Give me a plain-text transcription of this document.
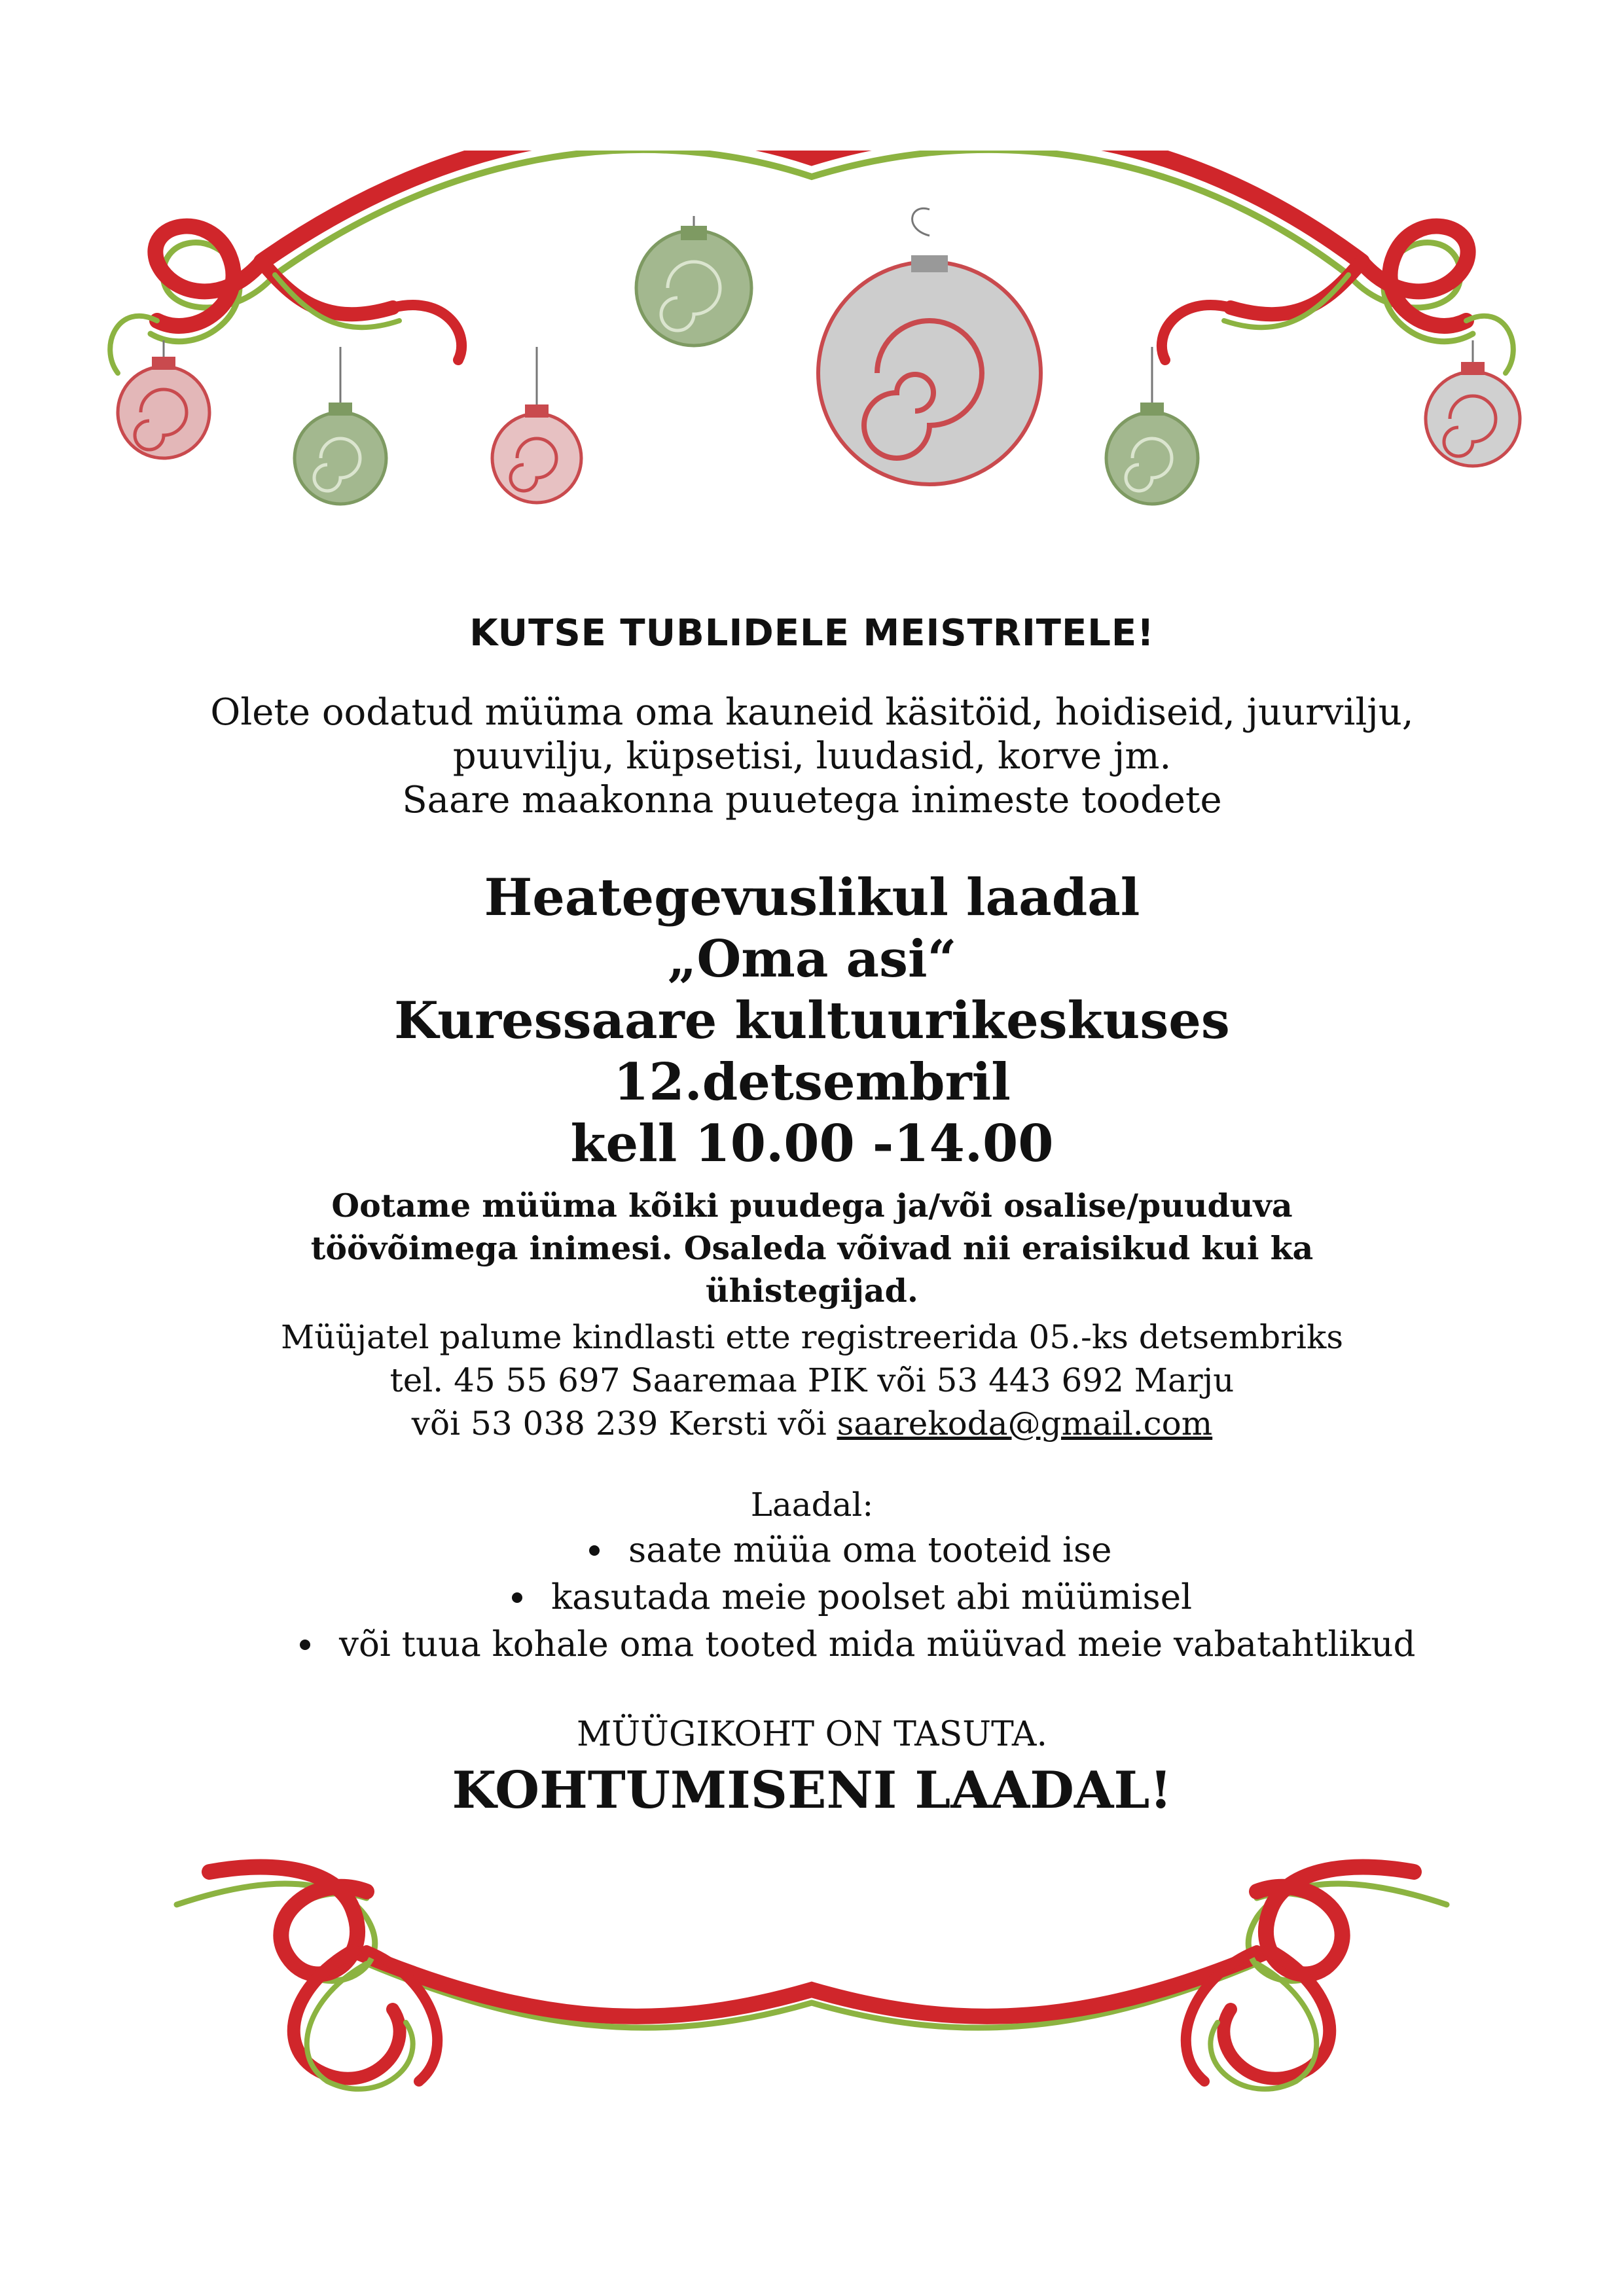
KUTSE TUBLIDELE MEISTRITELE!
Olete oodatud müüma oma kauneid käsitöid, hoidiseid, juurvilju,
puuvilju, küpsetisi, luudasid, korve jm.
Saare maakonna puuetega inimeste toodete
Heategevuslikul laadal
„Oma asi“
Kuressaare kultuurikeskuses
12.detsembril
kell 10.00 -14.00
Ootame müüma kõiki puudega ja/või osalise/puuduva
töövõimega inimesi. Osaleda võivad nii eraisikud kui ka
ühistegijad.
Müüjatel palume kindlasti ette registreerida 05.-ks detsembriks
tel. 45 55 697 Saaremaa PIK või 53 443 692 Marju
või 53 038 239 Kersti või saarekoda@gmail.com
Laadal:
saate müüa oma tooteid ise
kasutada meie poolset abi müümisel
või tuua kohale oma tooted mida müüvad meie vabatahtlikud
MÜÜGIKOHT ON TASUTA.
KOHTUMISENI LAADAL!
